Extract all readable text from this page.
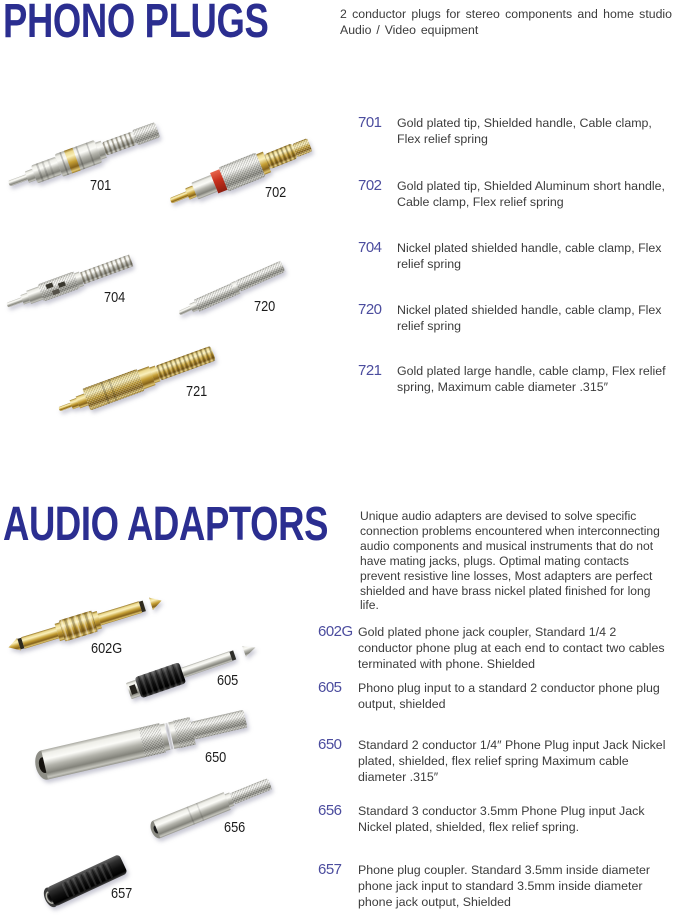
PHONO PLUGS	2 conductor plugs for stereo components and home studio Audio / Video equipment

701	702
704
720
721
701	Gold plated tip, Shielded handle, Cable clamp, Flex relief spring
702	Gold plated tip, Shielded Aluminum short handle, Cable clamp, Flex relief spring
704	Nickel plated shielded handle, cable clamp, Flex relief spring
720	Nickel plated shielded handle, cable clamp, Flex relief spring
721	Gold plated large handle, cable clamp, Flex relief spring, Maximum cable diameter .315″
AUDIO ADAPTORS	Unique audio adapters are devised to solve specific connection problems encountered when interconnecting audio components and musical instruments that do not have mating jacks, plugs. Optimal mating contacts prevent resistive line losses, Most adapters are perfect shielded and have brass nickel plated finished for long life.

602G
605
650
656
657
602G Gold plated phone jack coupler, Standard 1/4 2 conductor phone plug at each end to contact two cables terminated with phone. Shielded
605	Phono plug input to a standard 2 conductor phone plug output, shielded
650	Standard 2 conductor 1/4″ Phone Plug input Jack Nickel plated, shielded, flex relief spring Maximum cable diameter .315″
656	Standard 3 conductor 3.5mm Phone Plug input Jack Nickel plated, shielded, flex relief spring.
657	Phone plug coupler. Standard 3.5mm inside diameter phone jack input to standard 3.5mm inside diameter phone jack output, Shielded
